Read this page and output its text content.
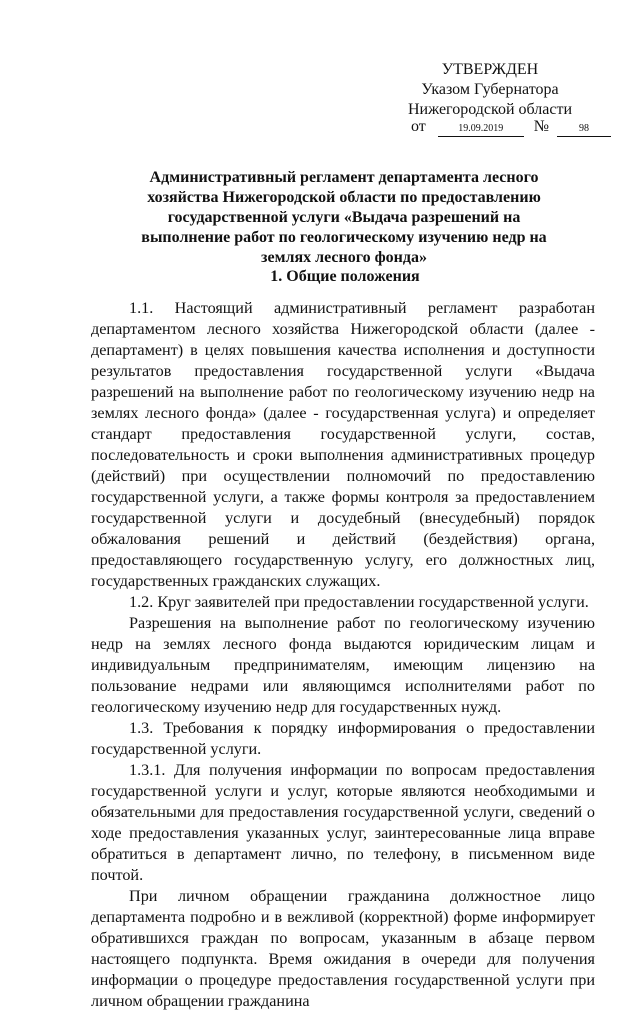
УТВЕРЖДЕН
Указом Губернатора
Нижегородской области
от	19.09.2019 №	98
Административный регламент департамента лесного хозяйства Нижегородской области по предоставлению государственной услуги «Выдача разрешений на выполнение работ по геологическому изучению недр на землях лесного фонда»
1. Общие положения

1.1. Настоящий административный регламент разработан департаментом лесного хозяйства Нижегородской области (далее - департамент) в целях повышения качества исполнения и доступности результатов предоставления государственной услуги «Выдача разрешений на выполнение работ по геологическому изучению недр на землях лесного фонда» (далее - государственная услуга) и определяет стандарт предоставления государственной услуги, состав, последовательность и сроки выполнения административных процедур (действий) при осуществлении полномочий по предоставлению государственной услуги, а также формы контроля за предоставлением государственной услуги и досудебный (внесудебный) порядок обжалования решений и действий (бездействия) органа, предоставляющего государственную услугу, его должностных лиц, государственных гражданских служащих.

1.2. Круг заявителей при предоставлении государственной услуги.

Разрешения на выполнение работ по геологическому изучению недр на землях лесного фонда выдаются юридическим лицам и индивидуальным предпринимателям, имеющим лицензию на пользование недрами или являющимся исполнителями работ по геологическому изучению недр для государственных нужд.

1.3. Требования к порядку информирования о предоставлении государственной услуги.

1.3.1. Для получения информации по вопросам предоставления государственной услуги и услуг, которые являются необходимыми и обязательными для предоставления государственной услуги, сведений о ходе предоставления указанных услуг, заинтересованные лица вправе обратиться в департамент лично, по телефону, в письменном виде почтой.

При личном обращении гражданина должностное лицо департамента подробно и в вежливой (корректной) форме информирует обратившихся граждан по вопросам, указанным в абзаце первом настоящего подпункта. Время ожидания в очереди для получения информации о процедуре предоставления государственной услуги при личном обращении гражданина
